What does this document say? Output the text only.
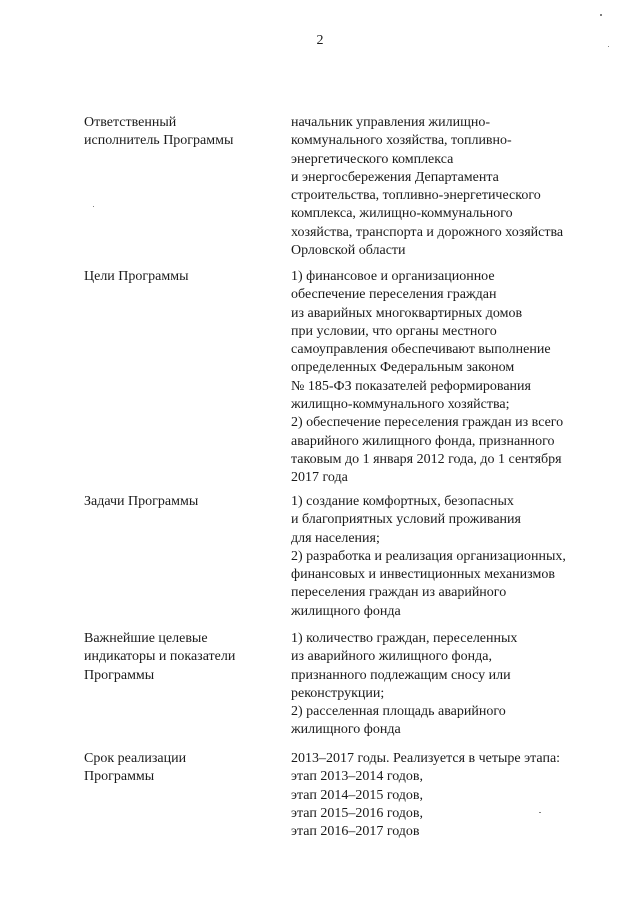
2
Ответственный
исполнитель Программы
начальник управления жилищно-
коммунального хозяйства, топливно-
энергетического комплекса
и энергосбережения Департамента
строительства, топливно-энергетического
комплекса, жилищно-коммунального
хозяйства, транспорта и дорожного хозяйства
Орловской области
Цели Программы	1) финансовое и организационное
обеспечение переселения граждан
из аварийных многоквартирных домов
при условии, что органы местного
самоуправления обеспечивают выполнение
определенных Федеральным законом
№ 185-ФЗ показателей реформирования
жилищно-коммунального хозяйства;
2) обеспечение переселения граждан из всего
аварийного жилищного фонда, признанного
таковым до 1 января 2012 года, до 1 сентября
2017 года
Задачи Программы	1) создание комфортных, безопасных
и благоприятных условий проживания
для населения;
2) разработка и реализация организационных,
финансовых и инвестиционных механизмов
переселения граждан из аварийного
жилищного фонда
Важнейшие целевые
индикаторы и показатели
Программы
1) количество граждан, переселенных
из аварийного жилищного фонда,
признанного подлежащим сносу или
реконструкции;
2) расселенная площадь аварийного
жилищного фонда
Срок реализации
Программы
2013–2017 годы. Реализуется в четыре этапа:
этап 2013–2014 годов,
этап 2014–2015 годов,
этап 2015–2016 годов,
этап 2016–2017 годов
